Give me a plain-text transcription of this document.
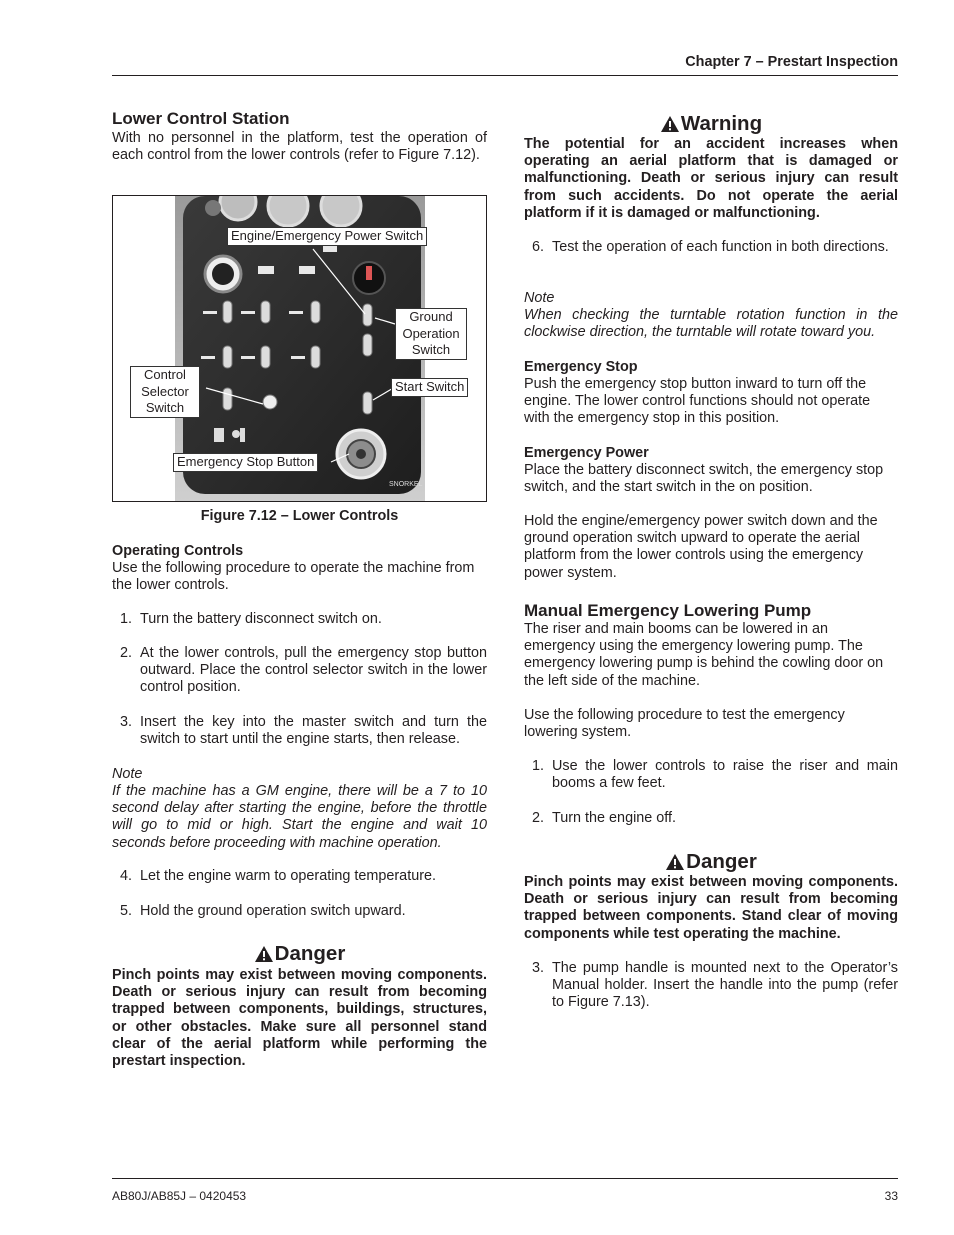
Chapter 7 – Prestart Inspection
Lower Control Station

With no personnel in the platform, test the operation of each control from the lower controls (refer to Figure 7.12).

SNORKEL
Engine/Emergency Power Switch
Ground Operation Switch
Control Selector Switch
Start Switch
Emergency Stop Button
Figure 7.12 – Lower Controls
Operating Controls

Use the following procedure to operate the machine from the lower controls.

1. Turn the battery disconnect switch on.
2. At the lower controls, pull the emergency stop button outward. Place the control selector switch in the lower control position.
3. Insert the key into the master switch and turn the switch to start until the engine starts, then release.
Note

If the machine has a GM engine, there will be a 7 to 10 second delay after starting the engine, before the throttle will go to mid or high. Start the engine and wait 10 seconds before proceeding with machine operation.

4. Let the engine warm to operating temperature.
5. Hold the ground operation switch upward.
Danger

Pinch points may exist between moving components. Death or serious injury can result from becoming trapped between components, buildings, structures, or other obstacles. Make sure all personnel stand clear of the aerial platform while performing the prestart inspection.

Warning

The potential for an accident increases when operating an aerial platform that is damaged or malfunctioning. Death or serious injury can result from such accidents. Do not operate the aerial platform if it is damaged or malfunctioning.

6. Test the operation of each function in both directions.
Note

When checking the turntable rotation function in the clockwise direction, the turntable will rotate toward you.

Emergency Stop

Push the emergency stop button inward to turn off the engine. The lower control functions should not operate with the emergency stop in this position.

Emergency Power

Place the battery disconnect switch, the emergency stop switch, and the start switch in the on position.

Hold the engine/emergency power switch down and the ground operation switch upward to operate the aerial platform from the lower controls using the emergency power system.

Manual Emergency Lowering Pump

The riser and main booms can be lowered in an emergency using the emergency lowering pump. The emergency lowering pump is behind the cowling door on the left side of the machine.

Use the following procedure to test the emergency lowering system.

1. Use the lower controls to raise the riser and main booms a few feet.
2. Turn the engine off.
Danger

Pinch points may exist between moving components. Death or serious injury can result from becoming trapped between components. Stand clear of moving components while test operating the machine.

3. The pump handle is mounted next to the Operator’s Manual holder. Insert the handle into the pump (refer to Figure 7.13).
AB80J/AB85J – 0420453	33
